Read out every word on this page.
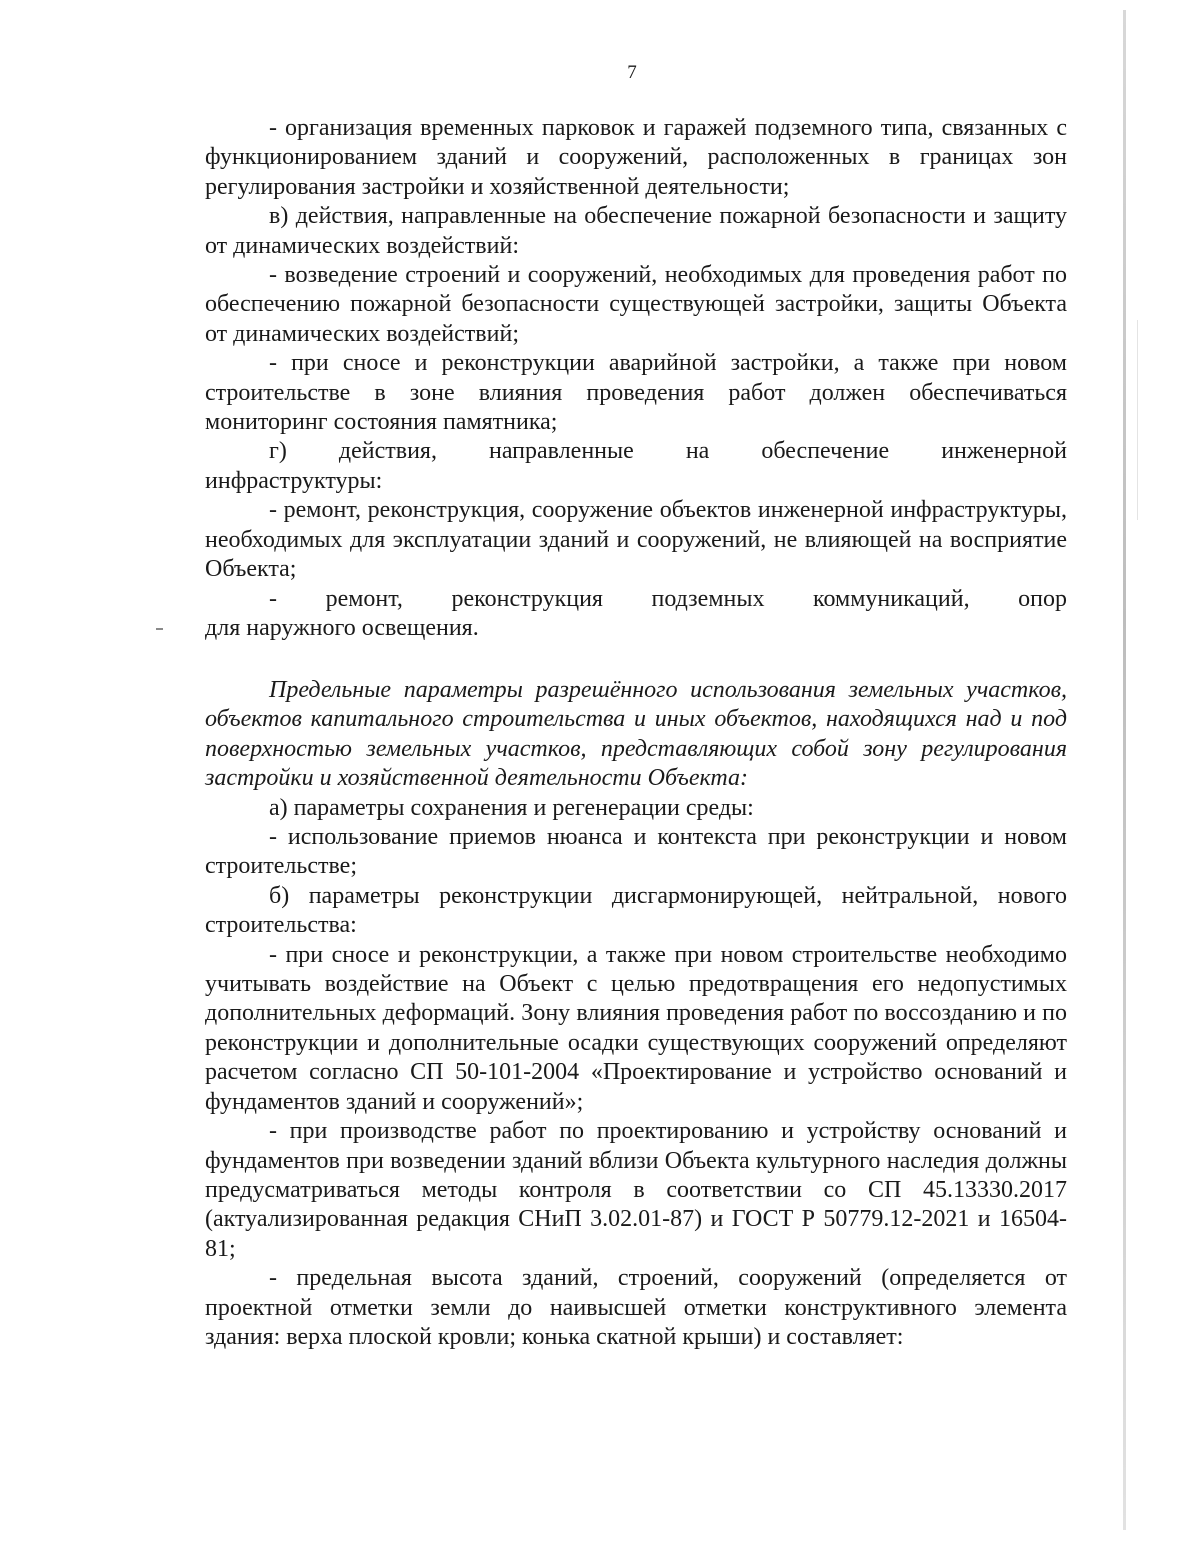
7

- организация временных парковок и гаражей подземного типа, связанных с функционированием зданий и сооружений, расположенных в границах зон регулирования застройки и хозяйственной деятельности;

в) действия, направленные на обеспечение пожарной безопасности и защиту от динамических воздействий:

- возведение строений и сооружений, необходимых для проведения работ по обеспечению пожарной безопасности существующей застройки, защиты Объекта от динамических воздействий;

- при сносе и реконструкции аварийной застройки, а также при новом строительстве в зоне влияния проведения работ должен обеспечиваться мониторинг состояния памятника;

г) действия, направленные на обеспечение инженерной

инфраструктуры:

- ремонт, реконструкция, сооружение объектов инженерной инфраструктуры, необходимых для эксплуатации зданий и сооружений, не влияющей на восприятие Объекта;

- ремонт, реконструкция подземных коммуникаций, опор

для наружного освещения.

Предельные параметры разрешённого использования земельных участков, объектов капитального строительства и иных объектов, находящихся над и под поверхностью земельных участков, представляющих собой зону регулирования застройки и хозяйственной деятельности Объекта:

а) параметры сохранения и регенерации среды:

- использование приемов нюанса и контекста при реконструкции и новом строительстве;

б) параметры реконструкции дисгармонирующей, нейтральной, нового строительства:

- при сносе и реконструкции, а также при новом строительстве необходимо учитывать воздействие на Объект с целью предотвращения его недопустимых дополнительных деформаций. Зону влияния проведения работ по воссозданию и по реконструкции и дополнительные осадки существующих сооружений определяют расчетом согласно СП 50-101-2004 «Проектирование и устройство оснований и фундаментов зданий и сооружений»;

- при производстве работ по проектированию и устройству оснований и фундаментов при возведении зданий вблизи Объекта культурного наследия должны предусматриваться методы контроля в соответствии со СП 45.13330.2017 (актуализированная редакция СНиП 3.02.01-87) и ГОСТ Р 50779.12-2021 и 16504-81;

- предельная высота зданий, строений, сооружений (определяется от проектной отметки земли до наивысшей отметки конструктивного элемента здания: верха плоской кровли; конька скатной крыши) и составляет:
